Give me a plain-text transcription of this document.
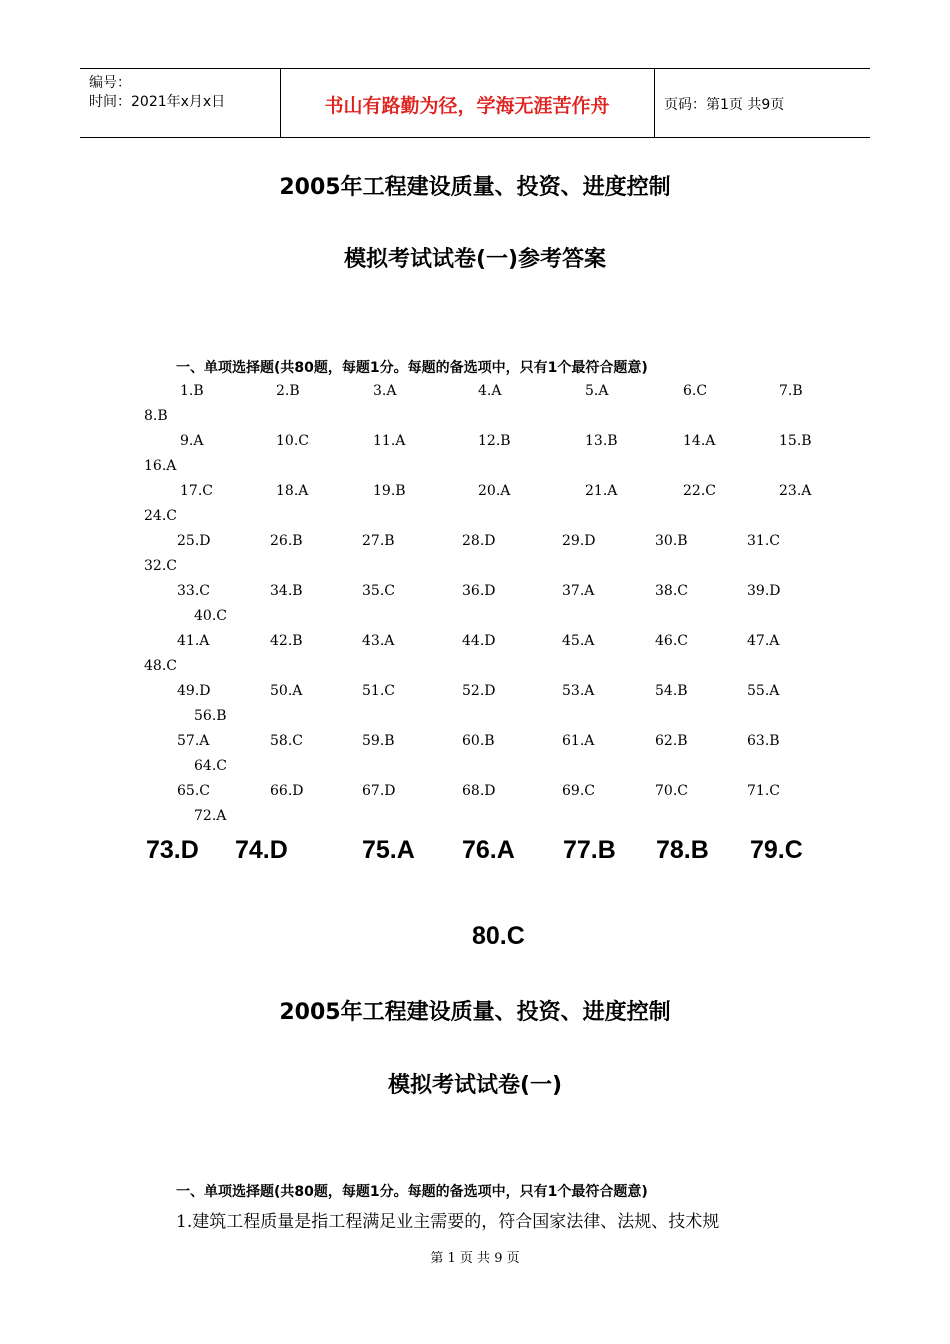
编号：
时间：2021年x月x日	书山有路勤为径，学海无涯苦作舟	页码：第1页 共9页
2005年工程建设质量、投资、进度控制
模拟考试试卷(一)参考答案
一、单项选择题(共80题，每题1分。每题的备选项中，只有1个最符合题意)
1.B	2.B	3.A	4.A	5.A	6.C	7.B
8.B
9.A	10.C	11.A	12.B	13.B	14.A	15.B
16.A
17.C	18.A	19.B	20.A	21.A	22.C	23.A
24.C
25.D	26.B	27.B	28.D	29.D	30.B	31.C
32.C
33.C	34.B	35.C	36.D	37.A	38.C	39.D
40.C
41.A	42.B	43.A	44.D	45.A	46.C	47.A
48.C
49.D	50.A	51.C	52.D	53.A	54.B	55.A
56.B
57.A	58.C	59.B	60.B	61.A	62.B	63.B
64.C
65.C	66.D	67.D	68.D	69.C	70.C	71.C
72.A
73.D 74.D	75.A 76.A 77.B 78.B 79.C
80.C
2005年工程建设质量、投资、进度控制
模拟考试试卷(一)
一、单项选择题(共80题，每题1分。每题的备选项中，只有1个最符合题意)
1.建筑工程质量是指工程满足业主需要的，符合国家法律、法规、技术规
第 1 页 共 9 页
